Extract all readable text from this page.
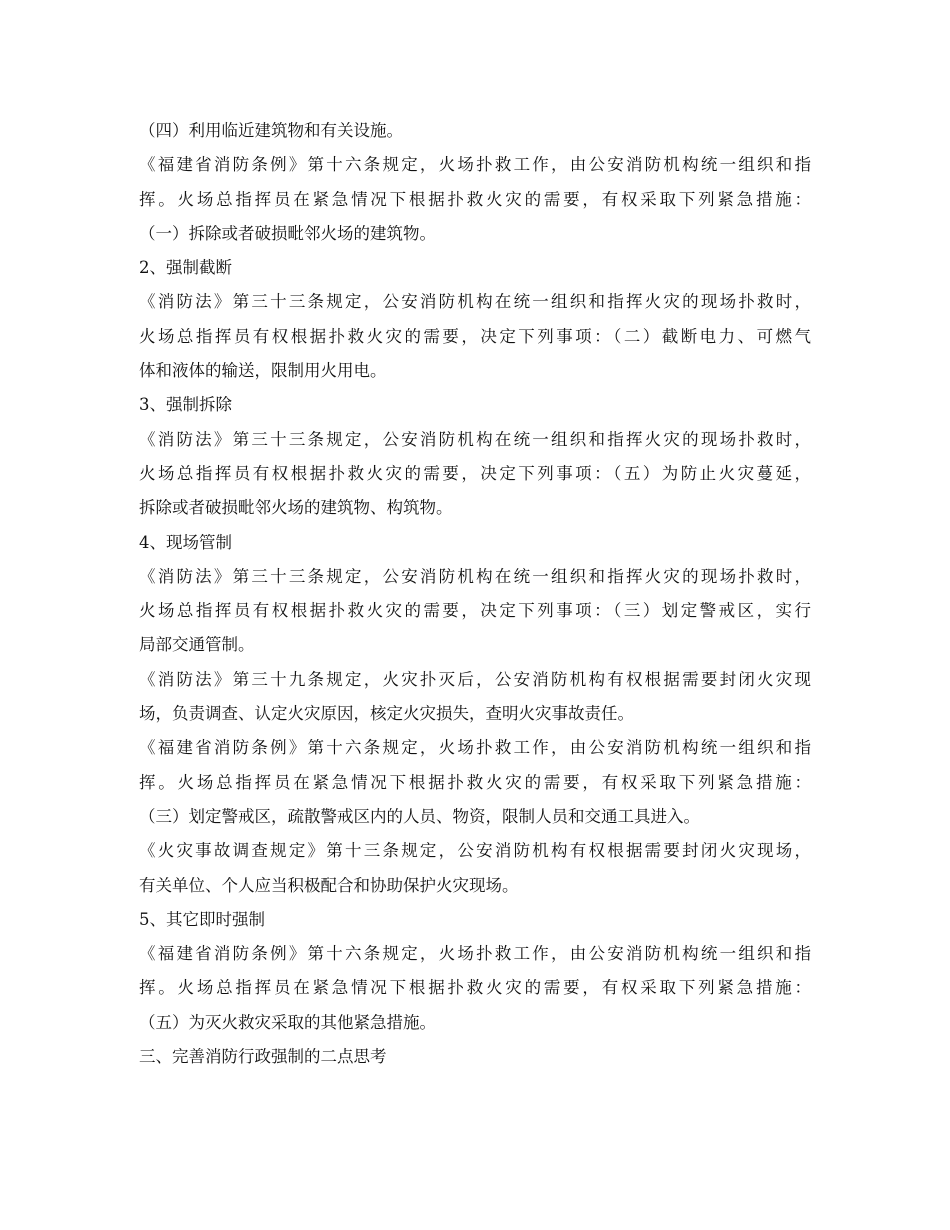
（四）利用临近建筑物和有关设施。
《福建省消防条例》第十六条规定，火场扑救工作，由公安消防机构统一组织和指
挥。火场总指挥员在紧急情况下根据扑救火灾的需要，有权采取下列紧急措施：
（一）拆除或者破损毗邻火场的建筑物。
2、强制截断
《消防法》第三十三条规定，公安消防机构在统一组织和指挥火灾的现场扑救时，
火场总指挥员有权根据扑救火灾的需要，决定下列事项：（二）截断电力、可燃气
体和液体的输送，限制用火用电。
3、强制拆除
《消防法》第三十三条规定，公安消防机构在统一组织和指挥火灾的现场扑救时，
火场总指挥员有权根据扑救火灾的需要，决定下列事项：（五）为防止火灾蔓延，
拆除或者破损毗邻火场的建筑物、构筑物。
4、现场管制
《消防法》第三十三条规定，公安消防机构在统一组织和指挥火灾的现场扑救时，
火场总指挥员有权根据扑救火灾的需要，决定下列事项：（三）划定警戒区，实行
局部交通管制。
《消防法》第三十九条规定，火灾扑灭后，公安消防机构有权根据需要封闭火灾现
场，负责调查、认定火灾原因，核定火灾损失，查明火灾事故责任。
《福建省消防条例》第十六条规定，火场扑救工作，由公安消防机构统一组织和指
挥。火场总指挥员在紧急情况下根据扑救火灾的需要，有权采取下列紧急措施：
（三）划定警戒区，疏散警戒区内的人员、物资，限制人员和交通工具进入。
《火灾事故调查规定》第十三条规定，公安消防机构有权根据需要封闭火灾现场，
有关单位、个人应当积极配合和协助保护火灾现场。
5、其它即时强制
《福建省消防条例》第十六条规定，火场扑救工作，由公安消防机构统一组织和指
挥。火场总指挥员在紧急情况下根据扑救火灾的需要，有权采取下列紧急措施：
（五）为灭火救灾采取的其他紧急措施。
三、完善消防行政强制的二点思考
